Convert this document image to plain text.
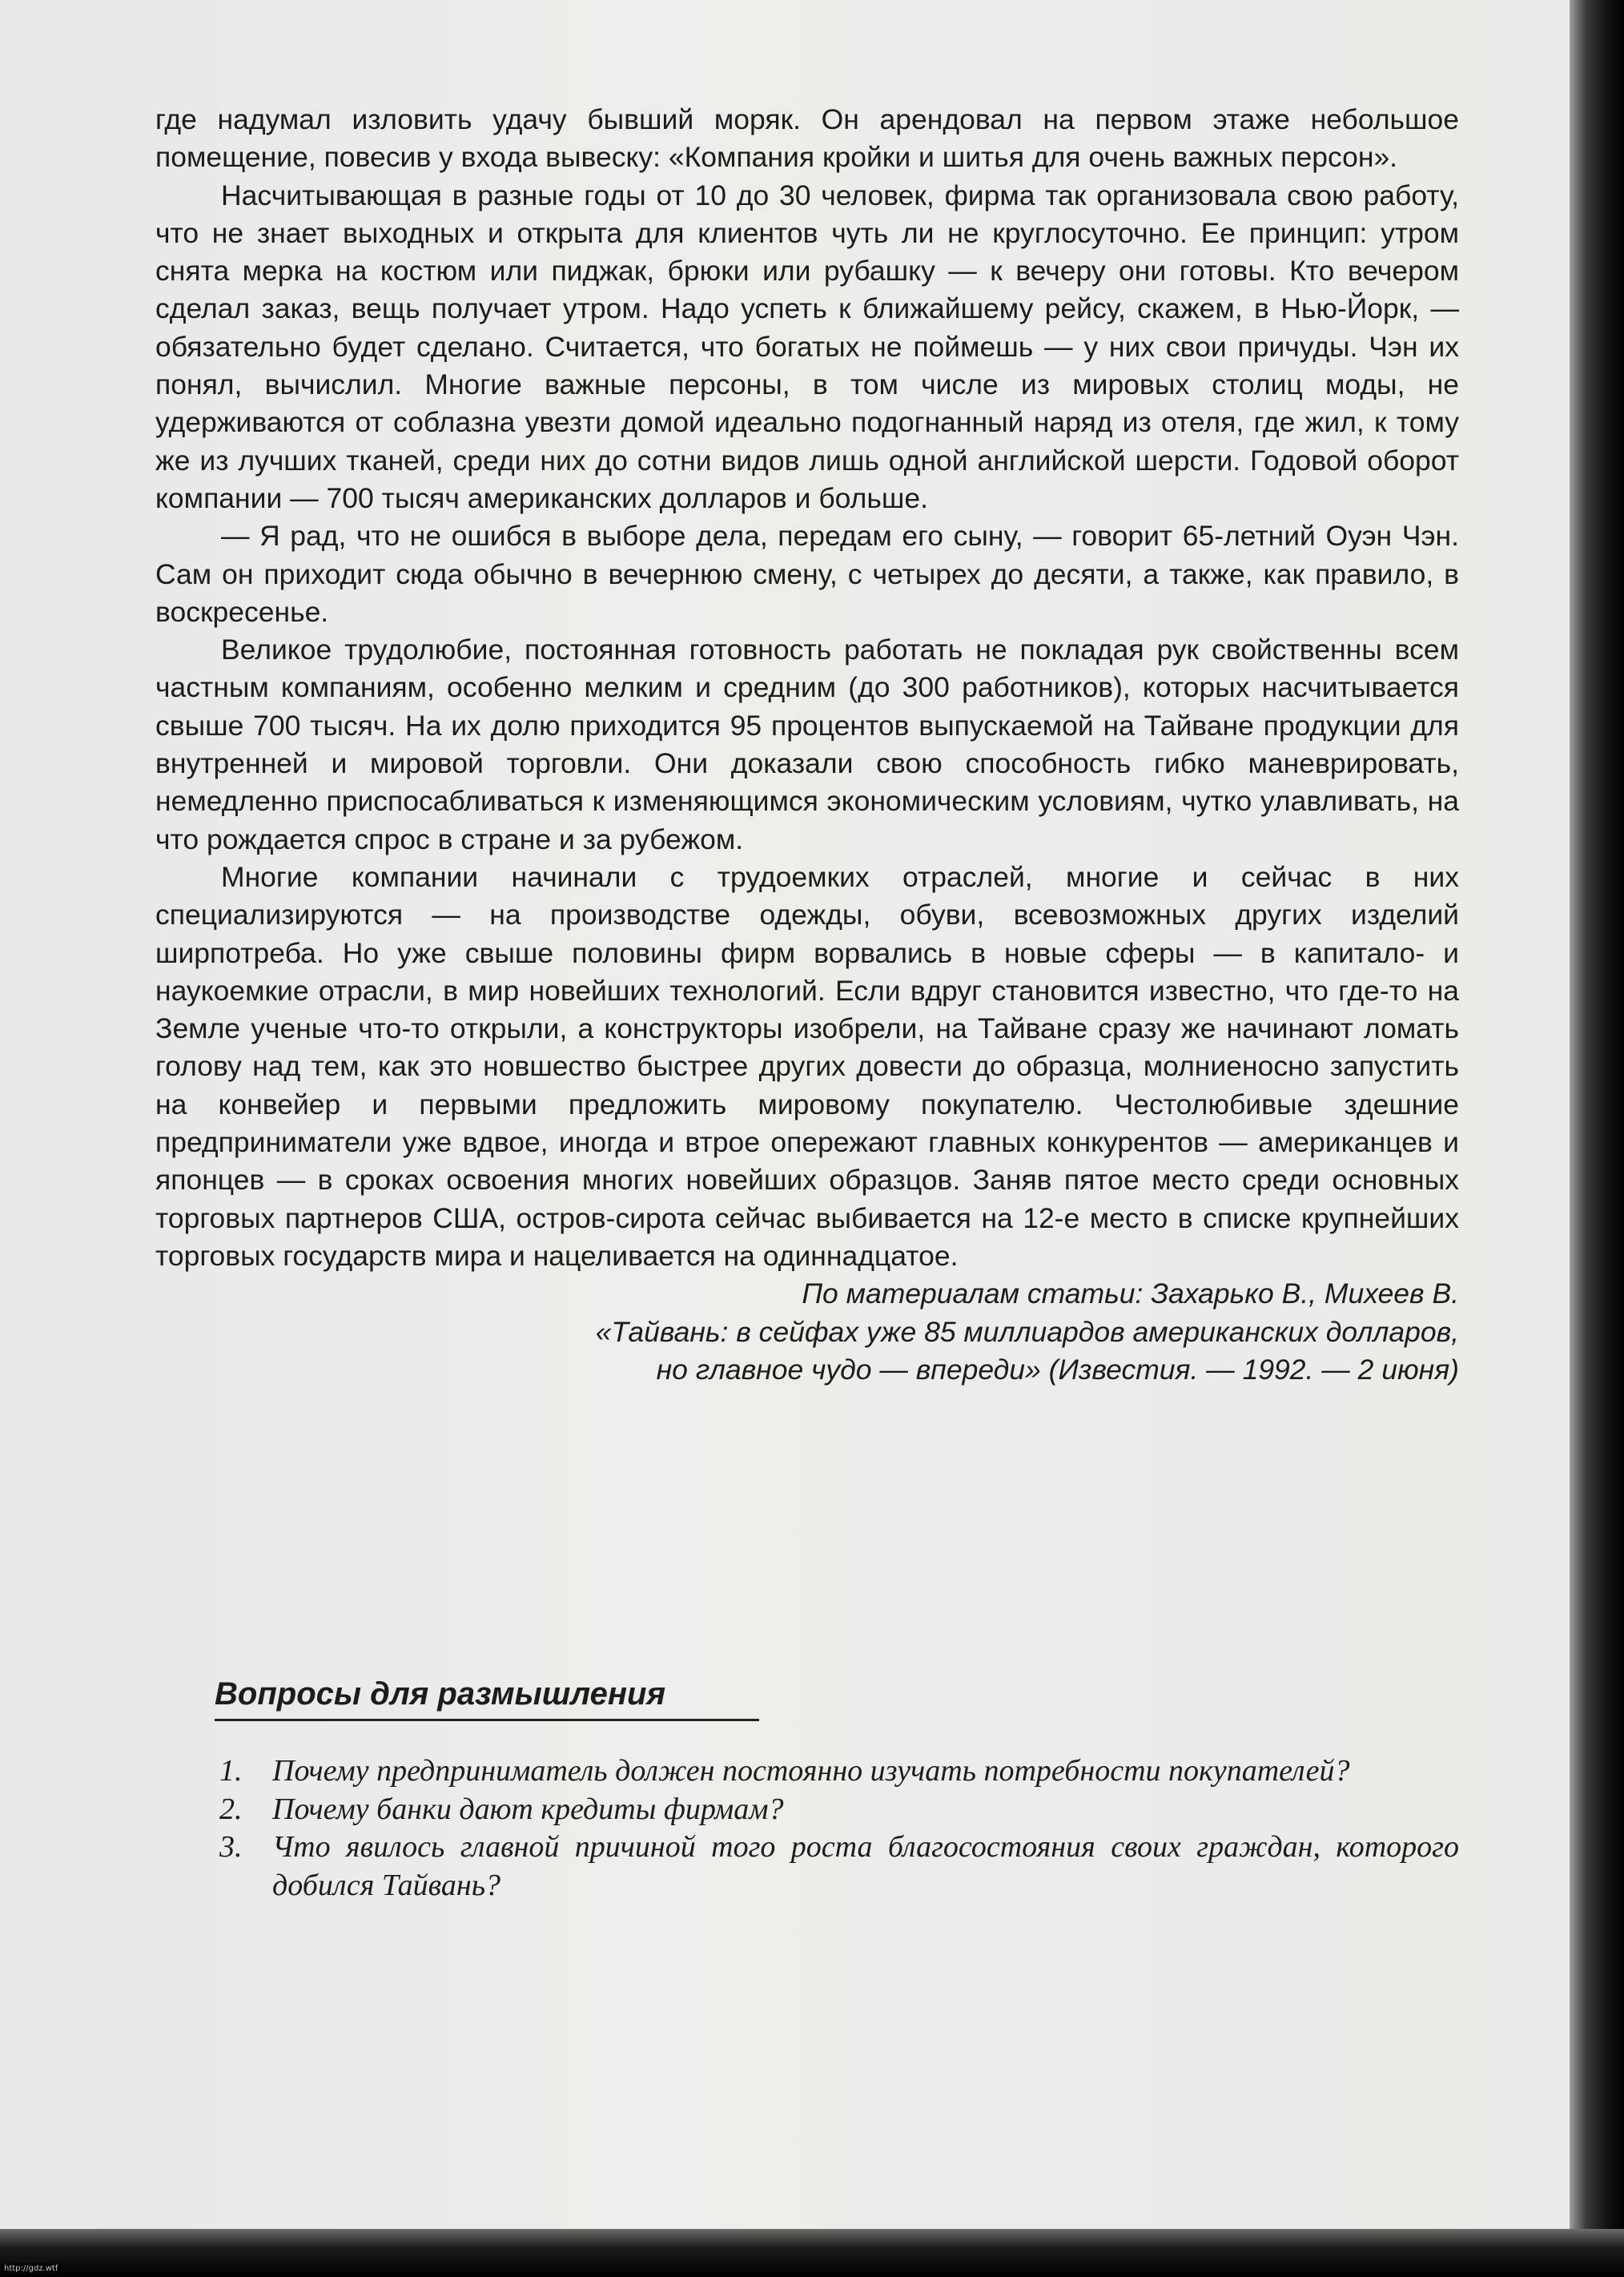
где надумал изловить удачу бывший моряк. Он арендовал на первом этаже небольшое помещение, повесив у входа вывеску: «Компания кройки и шитья для очень важных персон».

Насчитывающая в разные годы от 10 до 30 человек, фирма так организовала свою работу, что не знает выходных и открыта для клиентов чуть ли не круглосуточно. Ее принцип: утром снята мерка на костюм или пиджак, брюки или рубашку — к вечеру они готовы. Кто вечером сделал заказ, вещь получает утром. Надо успеть к ближайшему рейсу, скажем, в Нью-Йорк, — обязательно будет сделано. Считается, что богатых не поймешь — у них свои причуды. Чэн их понял, вычислил. Многие важные персоны, в том числе из мировых столиц моды, не удерживаются от соблазна увезти домой идеально подогнанный наряд из отеля, где жил, к тому же из лучших тканей, среди них до сотни видов лишь одной английской шерсти. Годовой оборот компании — 700 тысяч американских долларов и больше.

— Я рад, что не ошибся в выборе дела, передам его сыну, — говорит 65-летний Оуэн Чэн. Сам он приходит сюда обычно в вечернюю смену, с четырех до десяти, а также, как правило, в воскресенье.

Великое трудолюбие, постоянная готовность работать не покладая рук свойственны всем частным компаниям, особенно мелким и средним (до 300 работников), которых насчитывается свыше 700 тысяч. На их долю приходится 95 процентов выпускаемой на Тайване продукции для внутренней и мировой торговли. Они доказали свою способность гибко маневрировать, немедленно приспосабливаться к изменяющимся экономическим условиям, чутко улавливать, на что рождается спрос в стране и за рубежом.

Многие компании начинали с трудоемких отраслей, многие и сейчас в них специализируются — на производстве одежды, обуви, всевозможных других изделий ширпотреба. Но уже свыше половины фирм ворвались в новые сферы — в капитало- и наукоемкие отрасли, в мир новейших технологий. Если вдруг становится известно, что где-то на Земле ученые что-то открыли, а конструкторы изобрели, на Тайване сразу же начинают ломать голову над тем, как это новшество быстрее других довести до образца, молниеносно запустить на конвейер и первыми предложить мировому покупателю. Честолюбивые здешние предприниматели уже вдвое, иногда и втрое опережают главных конкурентов — американцев и японцев — в сроках освоения многих новейших образцов. Заняв пятое место среди основных торговых партнеров США, остров-сирота сейчас выбивается на 12-е место в списке крупнейших торговых государств мира и нацеливается на одиннадцатое.

По материалам статьи: Захарько В., Михеев В.
«Тайвань: в сейфах уже 85 миллиардов американских долларов,
но главное чудо — впереди» (Известия. — 1992. — 2 июня)

Вопросы для размышления
1. Почему предприниматель должен постоянно изучать потребности покупателей?
2. Почему банки дают кредиты фирмам?
3. Что явилось главной причиной того роста благосостояния своих граждан, которого добился Тайвань?
http://gdz.wtf
